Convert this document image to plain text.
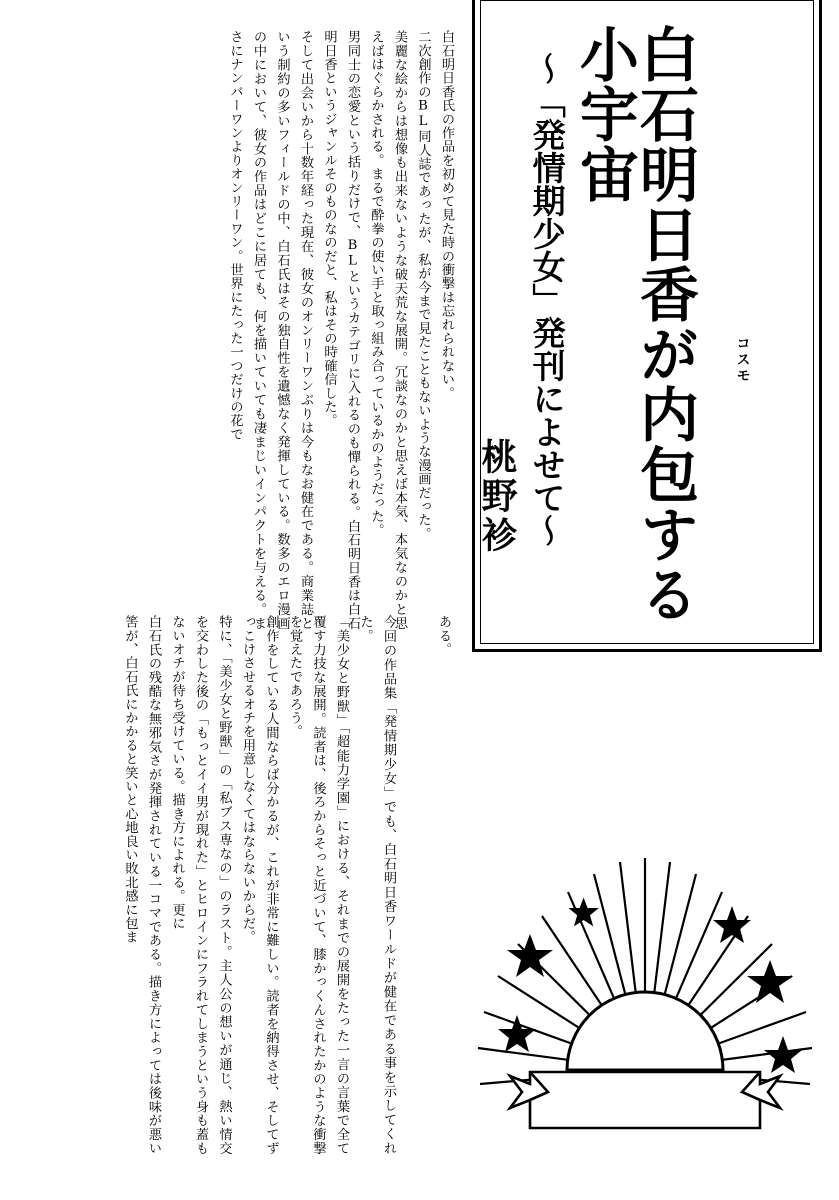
桃野袗 〜「発情期少女」発刊によせて〜	白石明日香が内包する小宇宙
コスモ

白石明日香氏の作品を初めて見た時の衝撃は忘れられない。

二次創作のBL同人誌であったが、私が今まで見たこともないような漫画だった。

美麗な絵からは想像も出来ないような破天荒な展開。冗談なのかと思えば本気、本気なのかと思えばはぐらかされる。まるで酔拳の使い手と取っ組み合っているかのようだった。

男同士の恋愛という括りだけで、BLというカテゴリに入れるのも憚られる。白石明日香は白石明日香というジャンルそのものなのだと、私はその時確信した。

そして出会いから十数年経った現在、彼女のオンリーワンぶりは今もなお健在である。商業誌という制約の多いフィールドの中、白石氏はその独自性を遺憾なく発揮している。数多のエロ漫画の中において、彼女の作品はどこに居ても、何を描いていても凄まじいインパクトを与える。まさにナンバーワンよりオンリーワン。世界にたった一つだけの花で

ある。

今回の作品集「発情期少女」でも、白石明日香ワールドが健在である事を示してくれた。

「美少女と野獣」「超能力学園」における、それまでの展開をたった一言の言葉で全て覆す力技な展開。読者は、後ろからそっと近づいて、膝かっくんされたかのような衝撃を覚えたであろう。

創作をしている人間ならば分かるが、これが非常に難しい。読者を納得させ、そしてずっこけさせるオチを用意しなくてはならないからだ。

特に、「美少女と野獣」の「私ブス専なの」のラスト。主人公の想いが通じ、熱い情交を交わした後の「もっとイイ男が現れた」とヒロインにフラれてしまうという身も蓋もないオチが待ち受けている。描き方によれる。更に

白石氏の残酷な無邪気さが発揮されている一コマである。描き方によっては後味が悪い筈が、白石氏にかかると笑いと心地良い敗北感に包ま
